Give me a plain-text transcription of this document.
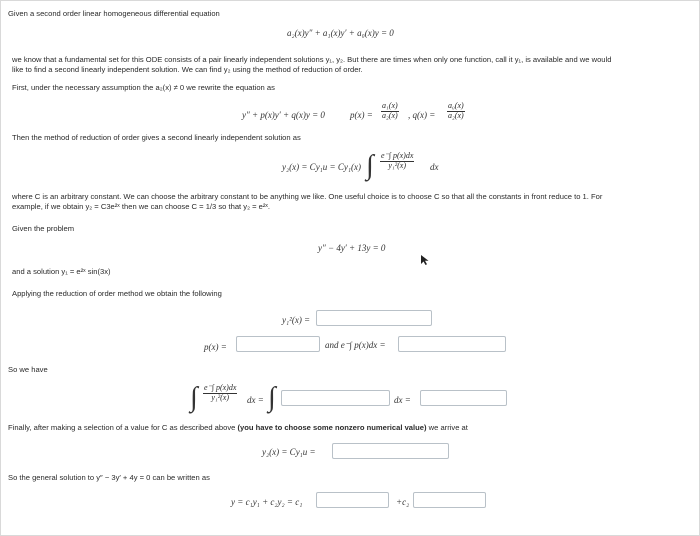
Given a second order linear homogeneous differential equation
a₂(x)y″ + a₁(x)y′ + a₀(x)y = 0
we know that a fundamental set for this ODE consists of a pair linearly independent solutions y₁, y₂. But there are times when only one function, call it y₁, is available and we would
like to find a second linearly independent solution. We can find y₂ using the method of reduction of order.
First, under the necessary assumption the a₂(x) ≠ 0 we rewrite the equation as
y″ + p(x)y′ + q(x)y = 0	$p(x) = \frac{\text{a₁(x)}}{\text{a₂(x)}}$ , $q(x) = \frac{\text{a₀(x)}}{\text{a₂(x)}}$
Then the method of reduction of order gives a second linearly independent solution as
y₂(x) = Cy₁u = Cy₁(x) ∫ $\frac{e^-\int p(x)dx}{\text{y₁²(x)}}$ dx
where C is an arbitrary constant. We can choose the arbitrary constant to be anything we like. One useful choice is to choose C so that all the constants in front reduce to 1. For
example, if we obtain y₂ = C3e²ˣ then we can choose C = 1/3 so that y₂ = e²ˣ.
Given the problem
y″ − 4y′ + 13y = 0
and a solution y₁ = e²ˣ sin(3x)
Applying the reduction of order method we obtain the following
y₁²(x) =
p(x) =	and e⁻∫ p(x)dx =
So we have
∫ $\frac{e^-\int p(x)dx}{\text{y₁²(x)}}$ dx = ∫	dx =
Finally, after making a selection of a value for C as described above (you have to choose some nonzero numerical value) we arrive at
y₂(x) = Cy₁u =
So the general solution to y″ − 3y′ + 4y = 0 can be written as
y = c₁y₁ + c₂y₂ = c₁	+c₂
